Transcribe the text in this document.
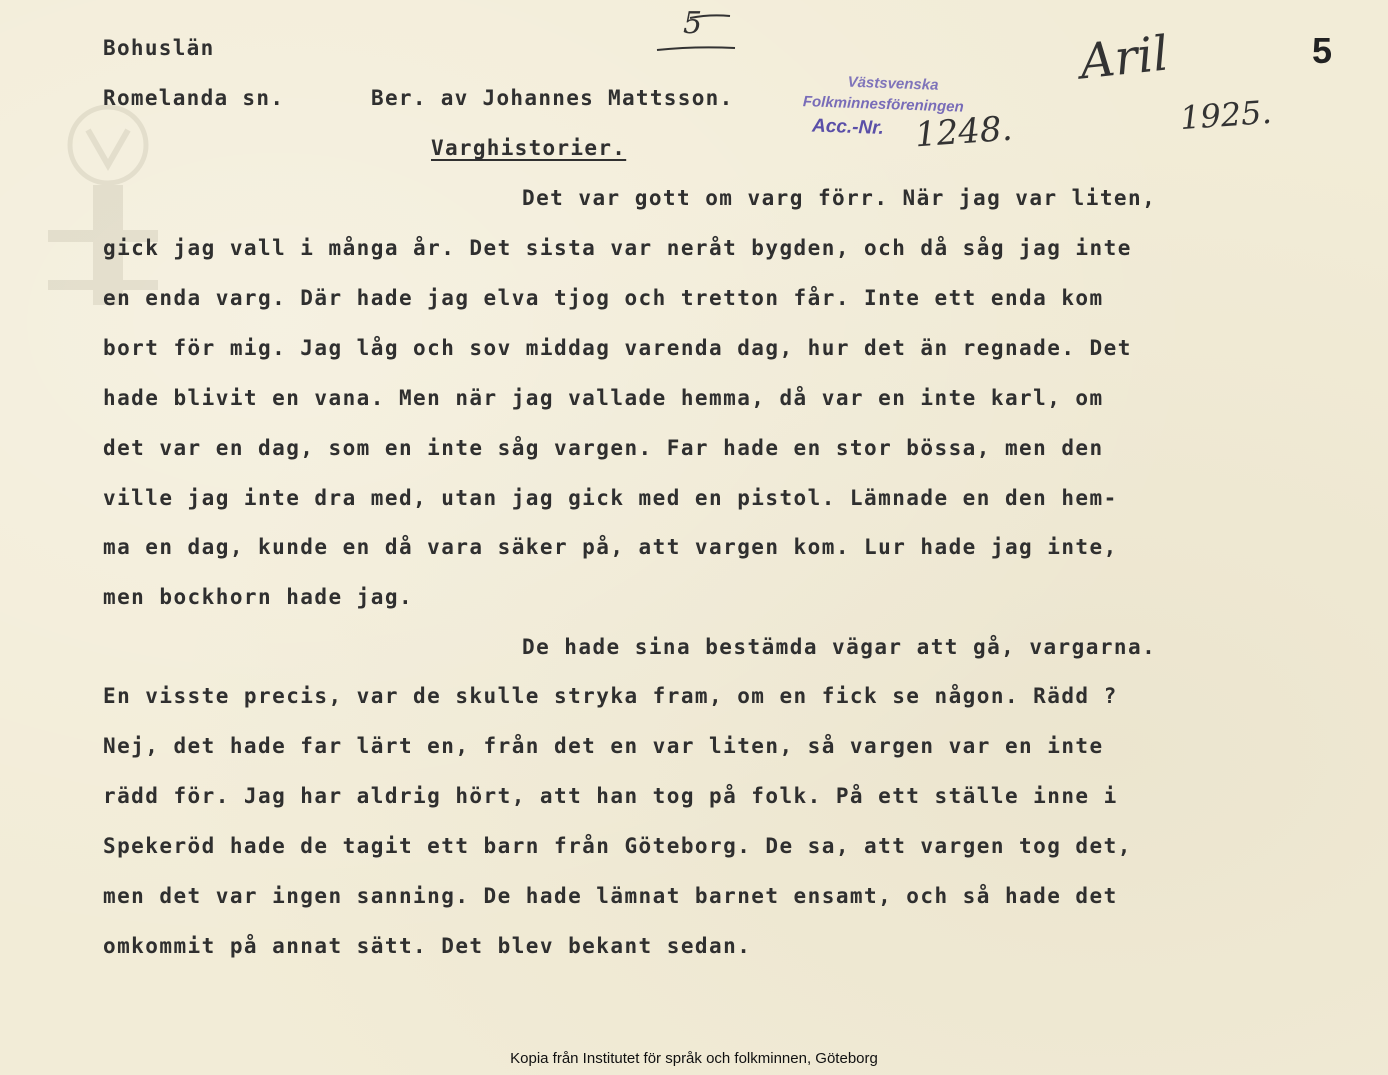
Bohuslän
Romelanda sn.	Ber. av Johannes Mattsson.
Varghistorier.
5
Västsvenska
Folkminnesföreningen
Acc.-Nr. 1248.
Aril
1925.
5
Det var gott om varg förr. När jag var liten,
gick jag vall i många år. Det sista var neråt bygden, och då såg jag inte
en enda varg. Där hade jag elva tjog och tretton får. Inte ett enda kom
bort för mig. Jag låg och sov middag varenda dag, hur det än regnade. Det
hade blivit en vana. Men när jag vallade hemma, då var en inte karl, om
det var en dag, som en inte såg vargen. Far hade en stor bössa, men den
ville jag inte dra med, utan jag gick med en pistol. Lämnade en den hem-
ma en dag, kunde en då vara säker på, att vargen kom. Lur hade jag inte,
men bockhorn hade jag.
De hade sina bestämda vägar att gå, vargarna.
En visste precis, var de skulle stryka fram, om en fick se någon. Rädd ?
Nej, det hade far lärt en, från det en var liten, så vargen var en inte
rädd för. Jag har aldrig hört, att han tog på folk. På ett ställe inne i
Spekeröd hade de tagit ett barn från Göteborg. De sa, att vargen tog det,
men det var ingen sanning. De hade lämnat barnet ensamt, och så hade det
omkommit på annat sätt. Det blev bekant sedan.
Kopia från Institutet för språk och folkminnen, Göteborg
